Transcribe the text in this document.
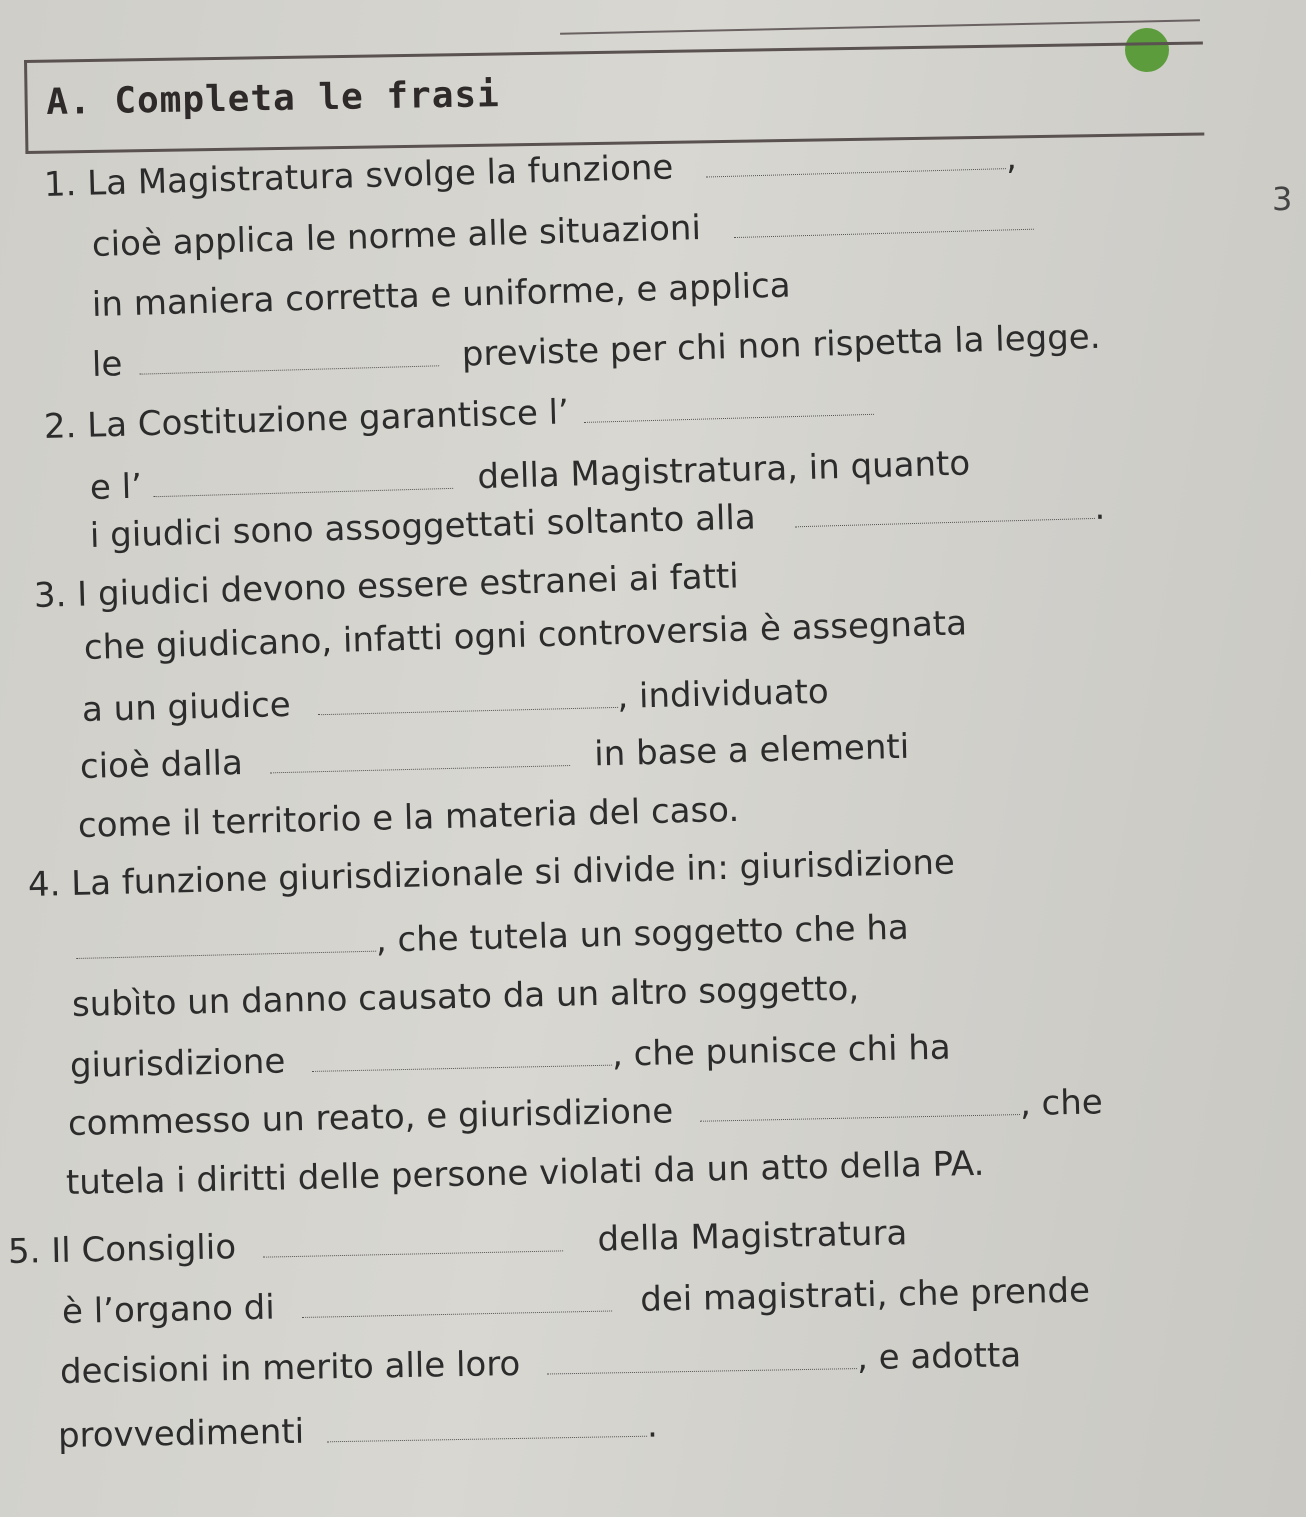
A. Completa le frasi
3
1. La Magistratura svolge la funzione	,
cioè applica le norme alle situazioni
in maniera corretta e uniforme, e applica
le	previste per chi non rispetta la legge.
2. La Costituzione garantisce l’
e l’	della Magistratura, in quanto
i giudici sono assoggettati soltanto alla	.
3. I giudici devono essere estranei ai fatti
che giudicano, infatti ogni controversia è assegnata
a un giudice	, individuato
cioè dalla	in base a elementi
come il territorio e la materia del caso.
4. La funzione giurisdizionale si divide in: giurisdizione
, che tutela un soggetto che ha
subìto un danno causato da un altro soggetto,
giurisdizione	, che punisce chi ha
commesso un reato, e giurisdizione	, che
tutela i diritti delle persone violati da un atto della PA.
5. Il Consiglio	della Magistratura
è l’organo di	dei magistrati, che prende
decisioni in merito alle loro	, e adotta
provvedimenti	.
